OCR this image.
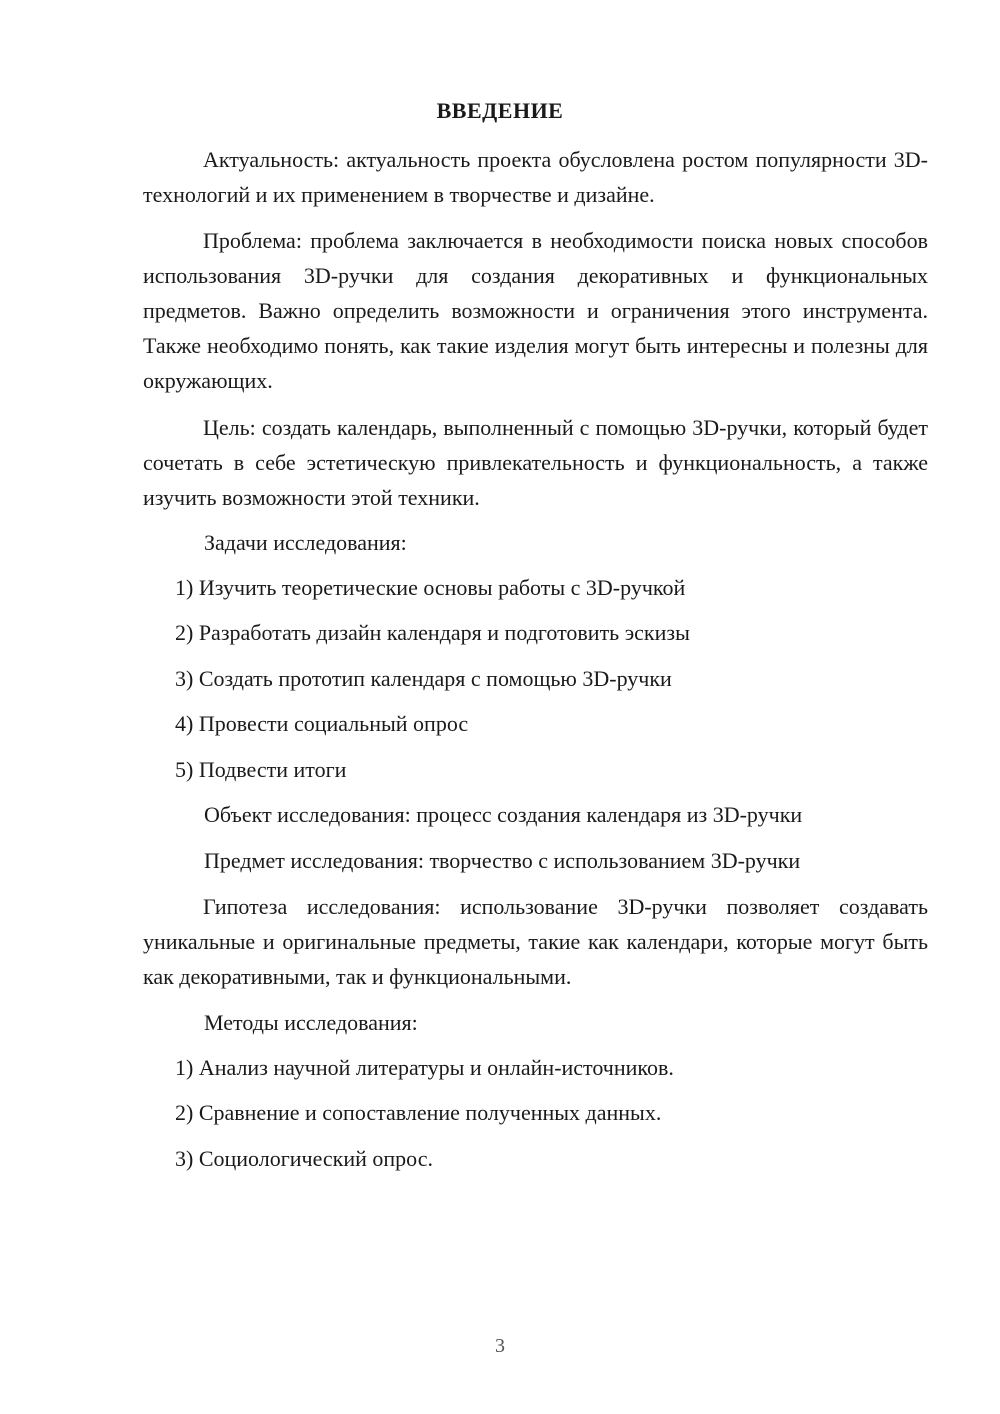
ВВЕДЕНИЕ
Актуальность: актуальность проекта обусловлена ростом популярности 3D-технологий и их применением в творчестве и дизайне.
Проблема: проблема заключается в необходимости поиска новых способов использования 3D-ручки для создания декоративных и функциональных предметов. Важно определить возможности и ограничения этого инструмента. Также необходимо понять, как такие изделия могут быть интересны и полезны для окружающих.
Цель: создать календарь, выполненный с помощью 3D-ручки, который будет сочетать в себе эстетическую привлекательность и функциональность, а также изучить возможности этой техники.
Задачи исследования:
1) Изучить теоретические основы работы с 3D-ручкой
2) Разработать дизайн календаря и подготовить эскизы
3) Создать прототип календаря с помощью 3D-ручки
4) Провести социальный опрос
5) Подвести итоги
Объект исследования: процесс создания календаря из 3D-ручки
Предмет исследования: творчество с использованием 3D-ручки
Гипотеза исследования: использование 3D-ручки позволяет создавать уникальные и оригинальные предметы, такие как календари, которые могут быть как декоративными, так и функциональными.
Методы исследования:
1) Анализ научной литературы и онлайн-источников.
2) Сравнение и сопоставление полученных данных.
3) Социологический опрос.
3
